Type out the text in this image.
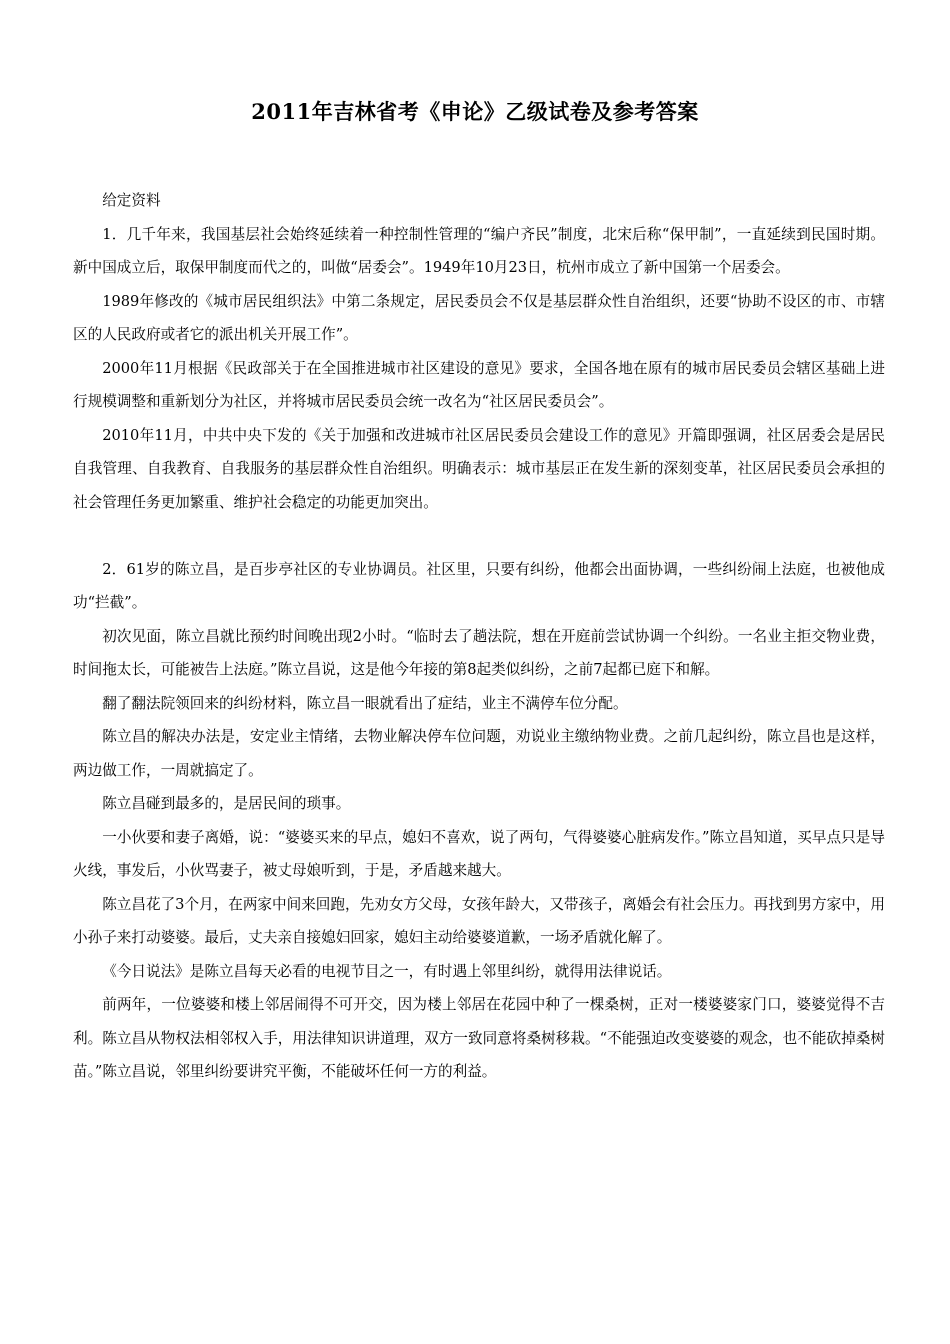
2011年吉林省考《申论》乙级试卷及参考答案

给定资料

1．几千年来，我国基层社会始终延续着一种控制性管理的“编户齐民”制度，北宋后称“保甲制”，一直延续到民国时期。新中国成立后，取保甲制度而代之的，叫做“居委会”。1949年10月23日，杭州市成立了新中国第一个居委会。

1989年修改的《城市居民组织法》中第二条规定，居民委员会不仅是基层群众性自治组织，还要“协助不设区的市、市辖区的人民政府或者它的派出机关开展工作”。

2000年11月根据《民政部关于在全国推进城市社区建设的意见》要求，全国各地在原有的城市居民委员会辖区基础上进行规模调整和重新划分为社区，并将城市居民委员会统一改名为“社区居民委员会”。

2010年11月，中共中央下发的《关于加强和改进城市社区居民委员会建设工作的意见》开篇即强调，社区居委会是居民自我管理、自我教育、自我服务的基层群众性自治组织。明确表示：城市基层正在发生新的深刻变革，社区居民委员会承担的社会管理任务更加繁重、维护社会稳定的功能更加突出。

2．61岁的陈立昌，是百步亭社区的专业协调员。社区里，只要有纠纷，他都会出面协调，一些纠纷闹上法庭，也被他成功“拦截”。

初次见面，陈立昌就比预约时间晚出现2小时。“临时去了趟法院，想在开庭前尝试协调一个纠纷。一名业主拒交物业费，时间拖太长，可能被告上法庭。”陈立昌说，这是他今年接的第8起类似纠纷，之前7起都已庭下和解。

翻了翻法院领回来的纠纷材料，陈立昌一眼就看出了症结，业主不满停车位分配。

陈立昌的解决办法是，安定业主情绪，去物业解决停车位问题，劝说业主缴纳物业费。之前几起纠纷，陈立昌也是这样，两边做工作，一周就搞定了。

陈立昌碰到最多的，是居民间的琐事。

一小伙要和妻子离婚，说：“婆婆买来的早点，媳妇不喜欢，说了两句，气得婆婆心脏病发作。”陈立昌知道，买早点只是导火线，事发后，小伙骂妻子，被丈母娘听到，于是，矛盾越来越大。

陈立昌花了3个月，在两家中间来回跑，先劝女方父母，女孩年龄大，又带孩子，离婚会有社会压力。再找到男方家中，用小孙子来打动婆婆。最后，丈夫亲自接媳妇回家，媳妇主动给婆婆道歉，一场矛盾就化解了。

《今日说法》是陈立昌每天必看的电视节目之一，有时遇上邻里纠纷，就得用法律说话。

前两年，一位婆婆和楼上邻居闹得不可开交，因为楼上邻居在花园中种了一棵桑树，正对一楼婆婆家门口，婆婆觉得不吉利。陈立昌从物权法相邻权入手，用法律知识讲道理，双方一致同意将桑树移栽。“不能强迫改变婆婆的观念，也不能砍掉桑树苗。”陈立昌说，邻里纠纷要讲究平衡，不能破坏任何一方的利益。
